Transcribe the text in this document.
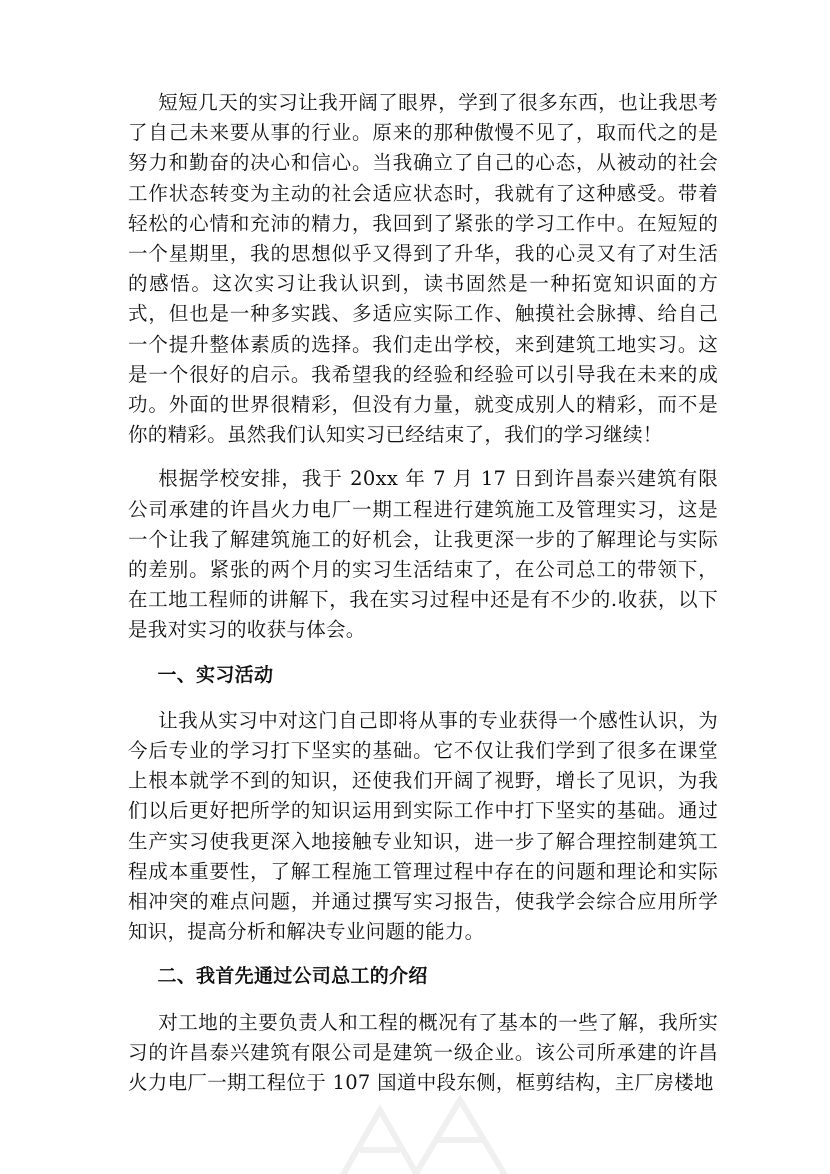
短短几天的实习让我开阔了眼界，学到了很多东西，也让我思考了自己未来要从事的行业。原来的那种傲慢不见了，取而代之的是努力和勤奋的决心和信心。当我确立了自己的心态，从被动的社会工作状态转变为主动的社会适应状态时，我就有了这种感受。带着轻松的心情和充沛的精力，我回到了紧张的学习工作中。在短短的一个星期里，我的思想似乎又得到了升华，我的心灵又有了对生活的感悟。这次实习让我认识到，读书固然是一种拓宽知识面的方式，但也是一种多实践、多适应实际工作、触摸社会脉搏、给自己一个提升整体素质的选择。我们走出学校，来到建筑工地实习。这是一个很好的启示。我希望我的经验和经验可以引导我在未来的成功。外面的世界很精彩，但没有力量，就变成别人的精彩，而不是你的精彩。虽然我们认知实习已经结束了，我们的学习继续！

根据学校安排，我于 20xx 年 7 月 17 日到许昌泰兴建筑有限公司承建的许昌火力电厂一期工程进行建筑施工及管理实习，这是一个让我了解建筑施工的好机会，让我更深一步的了解理论与实际的差别。紧张的两个月的实习生活结束了，在公司总工的带领下，在工地工程师的讲解下，我在实习过程中还是有不少的.收获，以下是我对实习的收获与体会。

一、实习活动

让我从实习中对这门自己即将从事的专业获得一个感性认识，为今后专业的学习打下坚实的基础。它不仅让我们学到了很多在课堂上根本就学不到的知识，还使我们开阔了视野，增长了见识，为我们以后更好把所学的知识运用到实际工作中打下坚实的基础。通过生产实习使我更深入地接触专业知识，进一步了解合理控制建筑工程成本重要性，了解工程施工管理过程中存在的问题和理论和实际相冲突的难点问题，并通过撰写实习报告，使我学会综合应用所学知识，提高分析和解决专业问题的能力。

二、我首先通过公司总工的介绍

对工地的主要负责人和工程的概况有了基本的一些了解，我所实习的许昌泰兴建筑有限公司是建筑一级企业。该公司所承建的许昌火力电厂一期工程位于 107 国道中段东侧，框剪结构，主厂房楼地
